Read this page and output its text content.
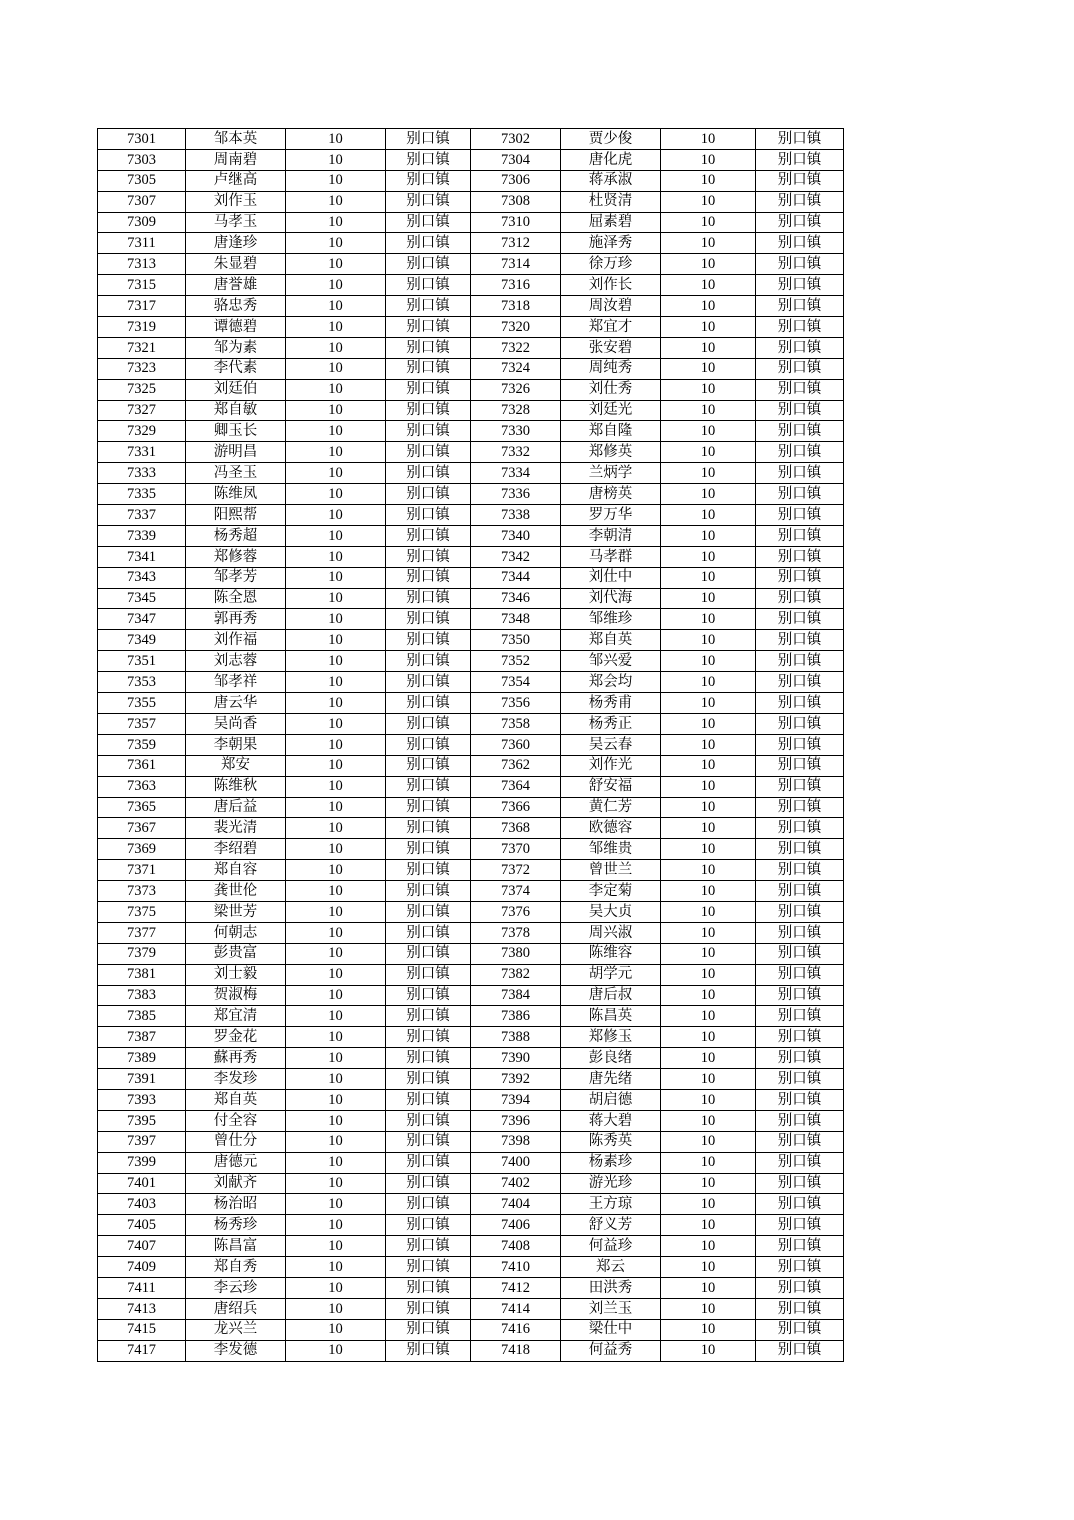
7301	邹本英	10	别口镇	7302	贾少俊	10	别口镇
7303	周南碧	10	别口镇	7304	唐化虎	10	别口镇
7305	卢继高	10	别口镇	7306	蒋承淑	10	别口镇
7307	刘作玉	10	别口镇	7308	杜贤清	10	别口镇
7309	马孝玉	10	别口镇	7310	屈素碧	10	别口镇
7311	唐逢珍	10	别口镇	7312	施泽秀	10	别口镇
7313	朱显碧	10	别口镇	7314	徐万珍	10	别口镇
7315	唐誉雄	10	别口镇	7316	刘作长	10	别口镇
7317	骆忠秀	10	别口镇	7318	周汝碧	10	别口镇
7319	谭德碧	10	别口镇	7320	郑宜才	10	别口镇
7321	邹为素	10	别口镇	7322	张安碧	10	别口镇
7323	李代素	10	别口镇	7324	周纯秀	10	别口镇
7325	刘廷伯	10	别口镇	7326	刘仕秀	10	别口镇
7327	郑自敏	10	别口镇	7328	刘廷光	10	别口镇
7329	卿玉长	10	别口镇	7330	郑自隆	10	别口镇
7331	游明昌	10	别口镇	7332	郑修英	10	别口镇
7333	冯圣玉	10	别口镇	7334	兰炳学	10	别口镇
7335	陈维凤	10	别口镇	7336	唐榜英	10	别口镇
7337	阳熙帮	10	别口镇	7338	罗万华	10	别口镇
7339	杨秀超	10	别口镇	7340	李朝清	10	别口镇
7341	郑修蓉	10	别口镇	7342	马孝群	10	别口镇
7343	邹孝芳	10	别口镇	7344	刘仕中	10	别口镇
7345	陈全恩	10	别口镇	7346	刘代海	10	别口镇
7347	郭再秀	10	别口镇	7348	邹维珍	10	别口镇
7349	刘作福	10	别口镇	7350	郑自英	10	别口镇
7351	刘志蓉	10	别口镇	7352	邹兴爱	10	别口镇
7353	邹孝祥	10	别口镇	7354	郑会均	10	别口镇
7355	唐云华	10	别口镇	7356	杨秀甫	10	别口镇
7357	吴尚香	10	别口镇	7358	杨秀正	10	别口镇
7359	李朝果	10	别口镇	7360	吴云春	10	别口镇
7361	郑安	10	别口镇	7362	刘作光	10	别口镇
7363	陈维秋	10	别口镇	7364	舒安福	10	别口镇
7365	唐后益	10	别口镇	7366	黄仁芳	10	别口镇
7367	裴光清	10	别口镇	7368	欧德容	10	别口镇
7369	李绍碧	10	别口镇	7370	邹维贵	10	别口镇
7371	郑自容	10	别口镇	7372	曾世兰	10	别口镇
7373	龚世伦	10	别口镇	7374	李定菊	10	别口镇
7375	梁世芳	10	别口镇	7376	吴大贞	10	别口镇
7377	何朝志	10	别口镇	7378	周兴淑	10	别口镇
7379	彭贵富	10	别口镇	7380	陈维容	10	别口镇
7381	刘士毅	10	别口镇	7382	胡学元	10	别口镇
7383	贺淑梅	10	别口镇	7384	唐后叔	10	别口镇
7385	郑宜清	10	别口镇	7386	陈昌英	10	别口镇
7387	罗金花	10	别口镇	7388	郑修玉	10	别口镇
7389	蘇再秀	10	别口镇	7390	彭良绪	10	别口镇
7391	李发珍	10	别口镇	7392	唐先绪	10	别口镇
7393	郑自英	10	别口镇	7394	胡启德	10	别口镇
7395	付全容	10	别口镇	7396	蒋大碧	10	别口镇
7397	曾仕分	10	别口镇	7398	陈秀英	10	别口镇
7399	唐德元	10	别口镇	7400	杨素珍	10	别口镇
7401	刘献齐	10	别口镇	7402	游光珍	10	别口镇
7403	杨治昭	10	别口镇	7404	王方琼	10	别口镇
7405	杨秀珍	10	别口镇	7406	舒义芳	10	别口镇
7407	陈昌富	10	别口镇	7408	何益珍	10	别口镇
7409	郑自秀	10	别口镇	7410	郑云	10	别口镇
7411	李云珍	10	别口镇	7412	田洪秀	10	别口镇
7413	唐绍兵	10	别口镇	7414	刘兰玉	10	别口镇
7415	龙兴兰	10	别口镇	7416	梁仕中	10	别口镇
7417	李发德	10	别口镇	7418	何益秀	10	别口镇
